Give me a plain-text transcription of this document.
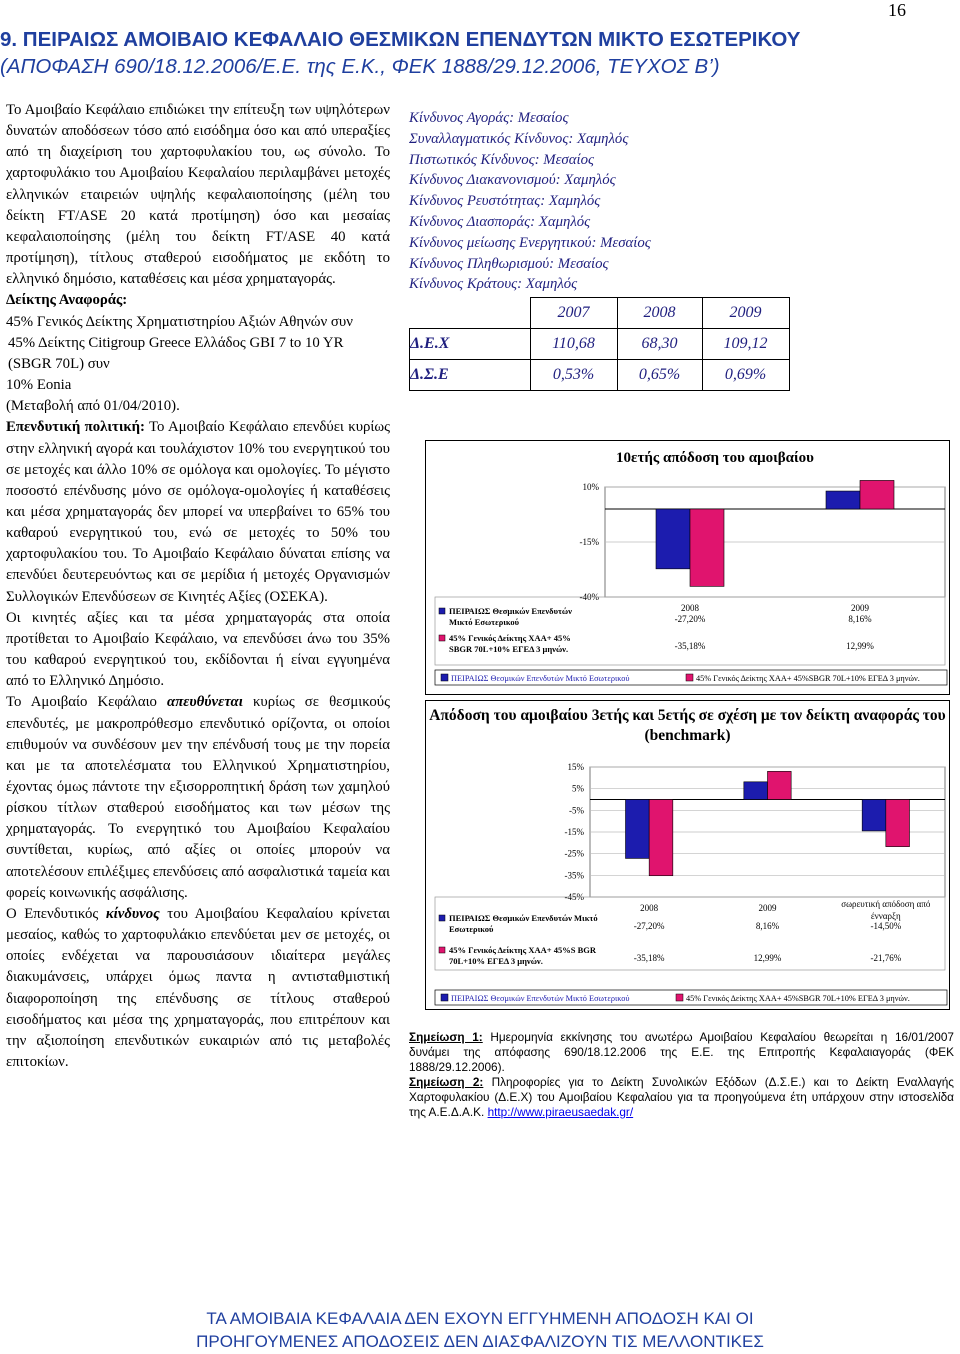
16
9. ΠΕΙΡΑΙΩΣ ΑΜΟΙΒΑΙΟ ΚΕΦΑΛΑΙΟ ΘΕΣΜΙΚΩΝ ΕΠΕΝΔΥΤΩΝ ΜΙΚΤΟ ΕΣΩΤΕΡΙΚΟΥ
(ΑΠΟΦΑΣΗ 690/18.12.2006/Ε.Ε. της Ε.Κ., ΦΕΚ 1888/29.12.2006, ΤΕΥΧΟΣ Β’)

Το Αμοιβαίο Κεφάλαιο επιδιώκει την επίτευξη των υψηλότερων δυνατών αποδόσεων τόσο από εισόδημα όσο και από υπεραξίες από τη διαχείριση του χαρτοφυλακίου του, ως σύνολο. Το χαρτοφυλάκιο του Αμοιβαίου Κεφαλαίου περιλαμβάνει μετοχές ελληνικών εταιρειών υψηλής κεφαλαιοποίησης (μέλη του δείκτη FT/ASE 20 κατά προτίμηση) όσο και μεσαίας κεφαλαιοποίησης (μέλη του δείκτη FT/ASE 40 κατά προτίμηση), τίτλους σταθερού εισοδήματος με εκδότη το ελληνικό δημόσιο, καταθέσεις και μέσα χρηματαγοράς.

Δείκτης Αναφοράς:
45% Γενικός Δείκτης Χρηματιστηρίου Αξιών Αθηνών συν
45% Δείκτης Citigroup Greece Ελλάδος GBI 7 to 10 YR (SBGR 70L) συν
10% Eonia
(Μεταβολή από 01/04/2010).

Επενδυτική πολιτική: Το Αμοιβαίο Κεφάλαιο επενδύει κυρίως στην ελληνική αγορά και τουλάχιστον 10% του ενεργητικού του σε μετοχές και άλλο 10% σε ομόλογα και ομολογίες. Το μέγιστο ποσοστό επένδυσης μόνο σε ομόλογα-ομολογίες ή καταθέσεις και μέσα χρηματαγοράς δεν μπορεί να υπερβαίνει το 65% του καθαρού ενεργητικού του, ενώ σε μετοχές το 50% του χαρτοφυλακίου του. Το Αμοιβαίο Κεφάλαιο δύναται επίσης να επενδύει δευτερευόντως και σε μερίδια ή μετοχές Οργανισμών Συλλογικών Επενδύσεων σε Κινητές Αξίες (ΟΣΕΚΑ).

Οι κινητές αξίες και τα μέσα χρηματαγοράς στα οποία προτίθεται το Αμοιβαίο Κεφάλαιο, να επενδύσει άνω του 35% του καθαρού ενεργητικού του, εκδίδονται ή είναι εγγυημένα από το Ελληνικό Δημόσιο.

Το Αμοιβαίο Κεφάλαιο απευθύνεται κυρίως σε θεσμικούς επενδυτές, με μακροπρόθεσμο επενδυτικό ορίζοντα, οι οποίοι επιθυμούν να συνδέσουν μεν την επένδυσή τους με την πορεία και με τα αποτελέσματα του Ελληνικού Χρηματιστηρίου, έχοντας όμως πάντοτε την εξισορροπητική δράση των χαμηλού ρίσκου τίτλων σταθερού εισοδήματος και των μέσων της χρηματαγοράς. Το ενεργητικό του Αμοιβαίου Κεφαλαίου συντίθεται, κυρίως, από αξίες οι οποίες μπορούν να αποτελέσουν επιλέξιμες επενδύσεις από ασφαλιστικά ταμεία και φορείς κοινωνικής ασφάλισης.

Ο Επενδυτικός κίνδυνος του Αμοιβαίου Κεφαλαίου κρίνεται μεσαίος, καθώς το χαρτοφυλάκιο επενδύεται μεν σε μετοχές, οι οποίες ενδέχεται να παρουσιάσουν ιδιαίτερα μεγάλες διακυμάνσεις, υπάρχει όμως παντα η αντισταθμιστική διαφοροποίηση της επένδυσης σε τίτλους σταθερού εισοδήματος και μέσα της χρηματαγοράς, που επιτρέπουν και την αξιοποίηση επενδυτικών ευκαιριών από τις μεταβολές επιτοκίων.

Κίνδυνος Αγοράς: Μεσαίος
Συναλλαγματικός Κίνδυνος: Χαμηλός
Πιστωτικός Κίνδυνος: Μεσαίος
Κίνδυνος Διακανονισμού: Χαμηλός
Κίνδυνος Ρευστότητας: Χαμηλός
Κίνδυνος Διασποράς: Χαμηλός
Κίνδυνος μείωσης Ενεργητικού: Μεσαίος
Κίνδυνος Πληθωρισμού: Μεσαίος
Κίνδυνος Κράτους: Χαμηλός
	2007	2008	2009
Δ.Ε.Χ	110,68	68,30	109,12
Δ.Σ.Ε	0,53%	0,65%	0,69%
10ετής απόδοση του αμοιβαίου
10%
-15%
-40%
2008
-27,20%
-35,18%
2009
8,16%
12,99%
ΠΕΙΡΑΙΩΣ Θεσμικών Επενδυτών
Μικτό Εσωτερικού
45% Γενικός Δείκτης ΧΑΑ+ 45%
SBGR 70L+10% ΕΓΕΔ 3 μηνών.
ΠΕΙΡΑΙΩΣ Θεσμικών Επενδυτών Μικτό Εσωτερικού	45% Γενικός Δείκτης ΧΑΑ+ 45%SBGR 70L+10% ΕΓΕΔ 3 μηνών.
Απόδοση του αμοιβαίου 3ετής και 5ετής σε σχέση με τον δείκτη αναφοράς του (benchmark)
15%
5%
-5%
-15%
-25%
-35%
-45%
2008
-27,20%
-35,18%
2009
8,16%
12,99%
σωρευτική απόδοση από
ένναρξη
-14,50%
-21,76%
ΠΕΙΡΑΙΩΣ Θεσμικών Επενδυτών Μικτό
Εσωτερικού
45% Γενικός Δείκτης ΧΑΑ+ 45%S BGR
70L+10% ΕΓΕΔ 3 μηνών.
ΠΕΙΡΑΙΩΣ Θεσμικών Επενδυτών Μικτό Εσωτερικού	45% Γενικός Δείκτης ΧΑΑ+ 45%SBGR 70L+10% ΕΓΕΔ 3 μηνών.

Σημείωση 1: Ημερομηνία εκκίνησης του ανωτέρω Αμοιβαίου Κεφαλαίου θεωρείται η 16/01/2007 δυνάμει της απόφασης 690/18.12.2006 της Ε.Ε. της Επιτροπής Κεφαλαιαγοράς (ΦΕΚ 1888/29.12.2006).

Σημείωση 2: Πληροφορίες για το Δείκτη Συνολικών Εξόδων (Δ.Σ.Ε.) και το Δείκτη Εναλλαγής Χαρτοφυλακίου (Δ.Ε.Χ) του Αμοιβαίου Κεφαλαίου για τα προηγούμενα έτη υπάρχουν στην ιστοσελίδα της Α.Ε.Δ.Α.Κ. http://www.piraeusaedak.gr/

ΤΑ ΑΜΟΙΒΑΙΑ ΚΕΦΑΛΑΙΑ ΔΕΝ ΕΧΟΥΝ ΕΓΓΥΗΜΕΝΗ ΑΠΟΔΟΣΗ ΚΑΙ ΟΙ
ΠΡΟΗΓΟΥΜΕΝΕΣ ΑΠΟΔΟΣΕΙΣ ΔΕΝ ΔΙΑΣΦΑΛΙΖΟΥΝ ΤΙΣ ΜΕΛΛΟΝΤΙΚΕΣ
